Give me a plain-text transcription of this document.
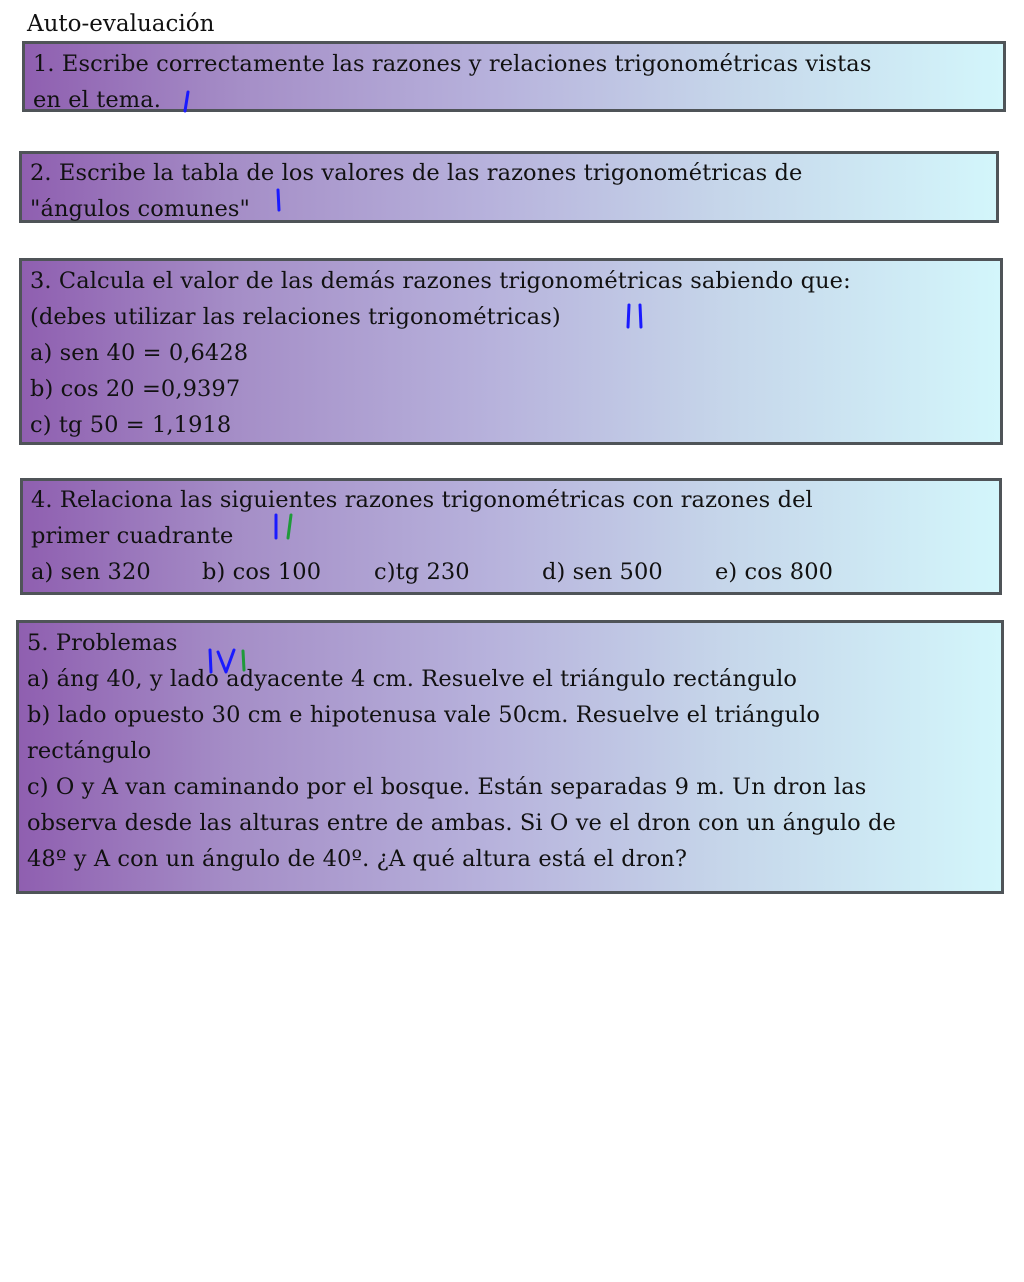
Auto-evaluación
1. Escribe correctamente las razones y relaciones trigonométricas vistas
en el tema.
2. Escribe la tabla de los valores de las razones trigonométricas de
"ángulos comunes"
3. Calcula el valor de las demás razones trigonométricas sabiendo que:
(debes utilizar las relaciones trigonométricas)
a) sen 40 = 0,6428
b) cos 20 =0,9397
c) tg 50 = 1,1918
4. Relaciona las siguientes razones trigonométricas con razones del
primer cuadrante
a) sen 320 b) cos 100 c)tg 230	d) sen 500 e) cos 800
5. Problemas
a) áng 40, y lado adyacente 4 cm. Resuelve el triángulo rectángulo
b) lado opuesto 30 cm e hipotenusa vale 50cm. Resuelve el triángulo
rectángulo
c) O y A van caminando por el bosque. Están separadas 9 m. Un dron las
observa desde las alturas entre de ambas. Si O ve el dron con un ángulo de
48º y A con un ángulo de 40º. ¿A qué altura está el dron?
